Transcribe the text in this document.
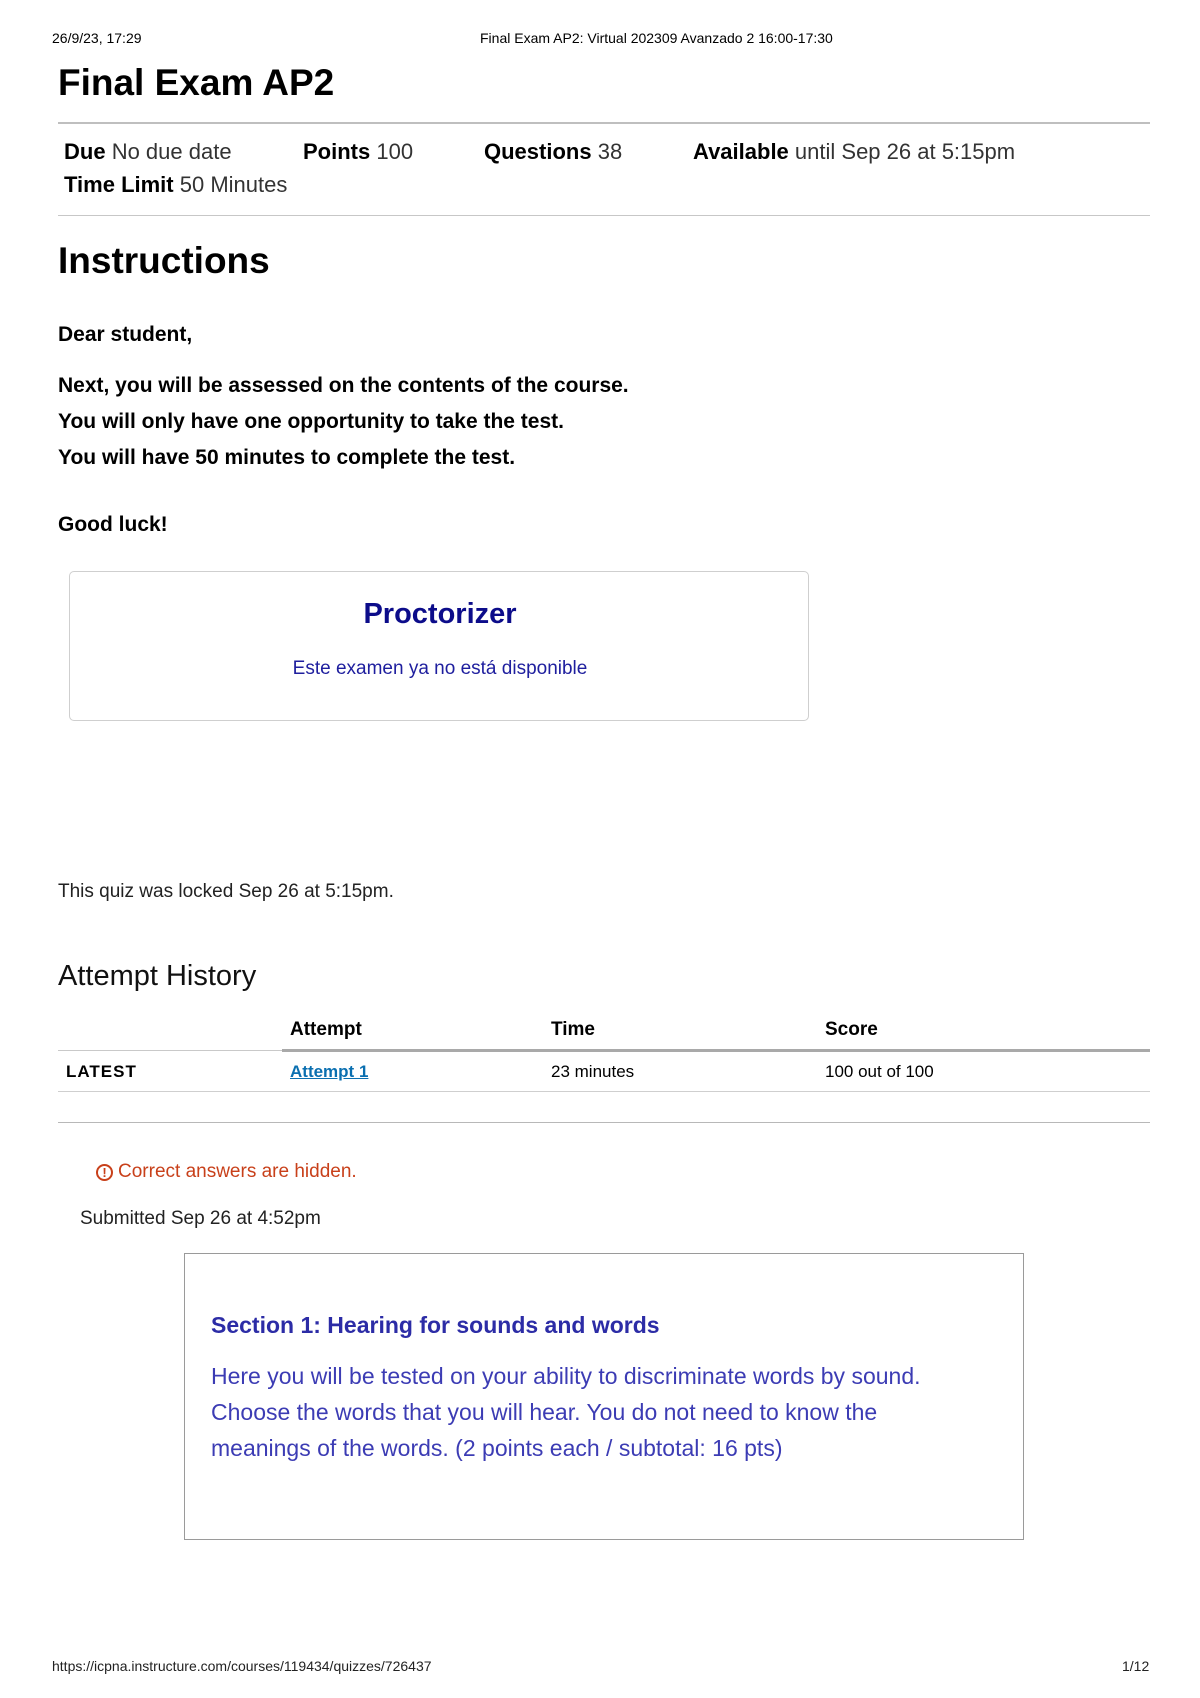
26/9/23, 17:29	Final Exam AP2: Virtual 202309 Avanzado 2 16:00-17:30
Final Exam AP2
Due No due date	Points 100	Questions 38	Available until Sep 26 at 5:15pm
Time Limit 50 Minutes
Instructions
Dear student,
Next, you will be assessed on the contents of the course.
You will only have one opportunity to take the test.
You will have 50 minutes to complete the test.
Good luck!
Proctorizer
Este examen ya no está disponible
This quiz was locked Sep 26 at 5:15pm.
Attempt History
	Attempt	Time	Score
LATEST	Attempt 1	23 minutes	100 out of 100
! Correct answers are hidden.
Submitted Sep 26 at 4:52pm
Section 1: Hearing for sounds and words
Here you will be tested on your ability to discriminate words by sound. Choose the words that you will hear. You do not need to know the meanings of the words. (2 points each / subtotal: 16 pts)
https://icpna.instructure.com/courses/119434/quizzes/726437	1/12
